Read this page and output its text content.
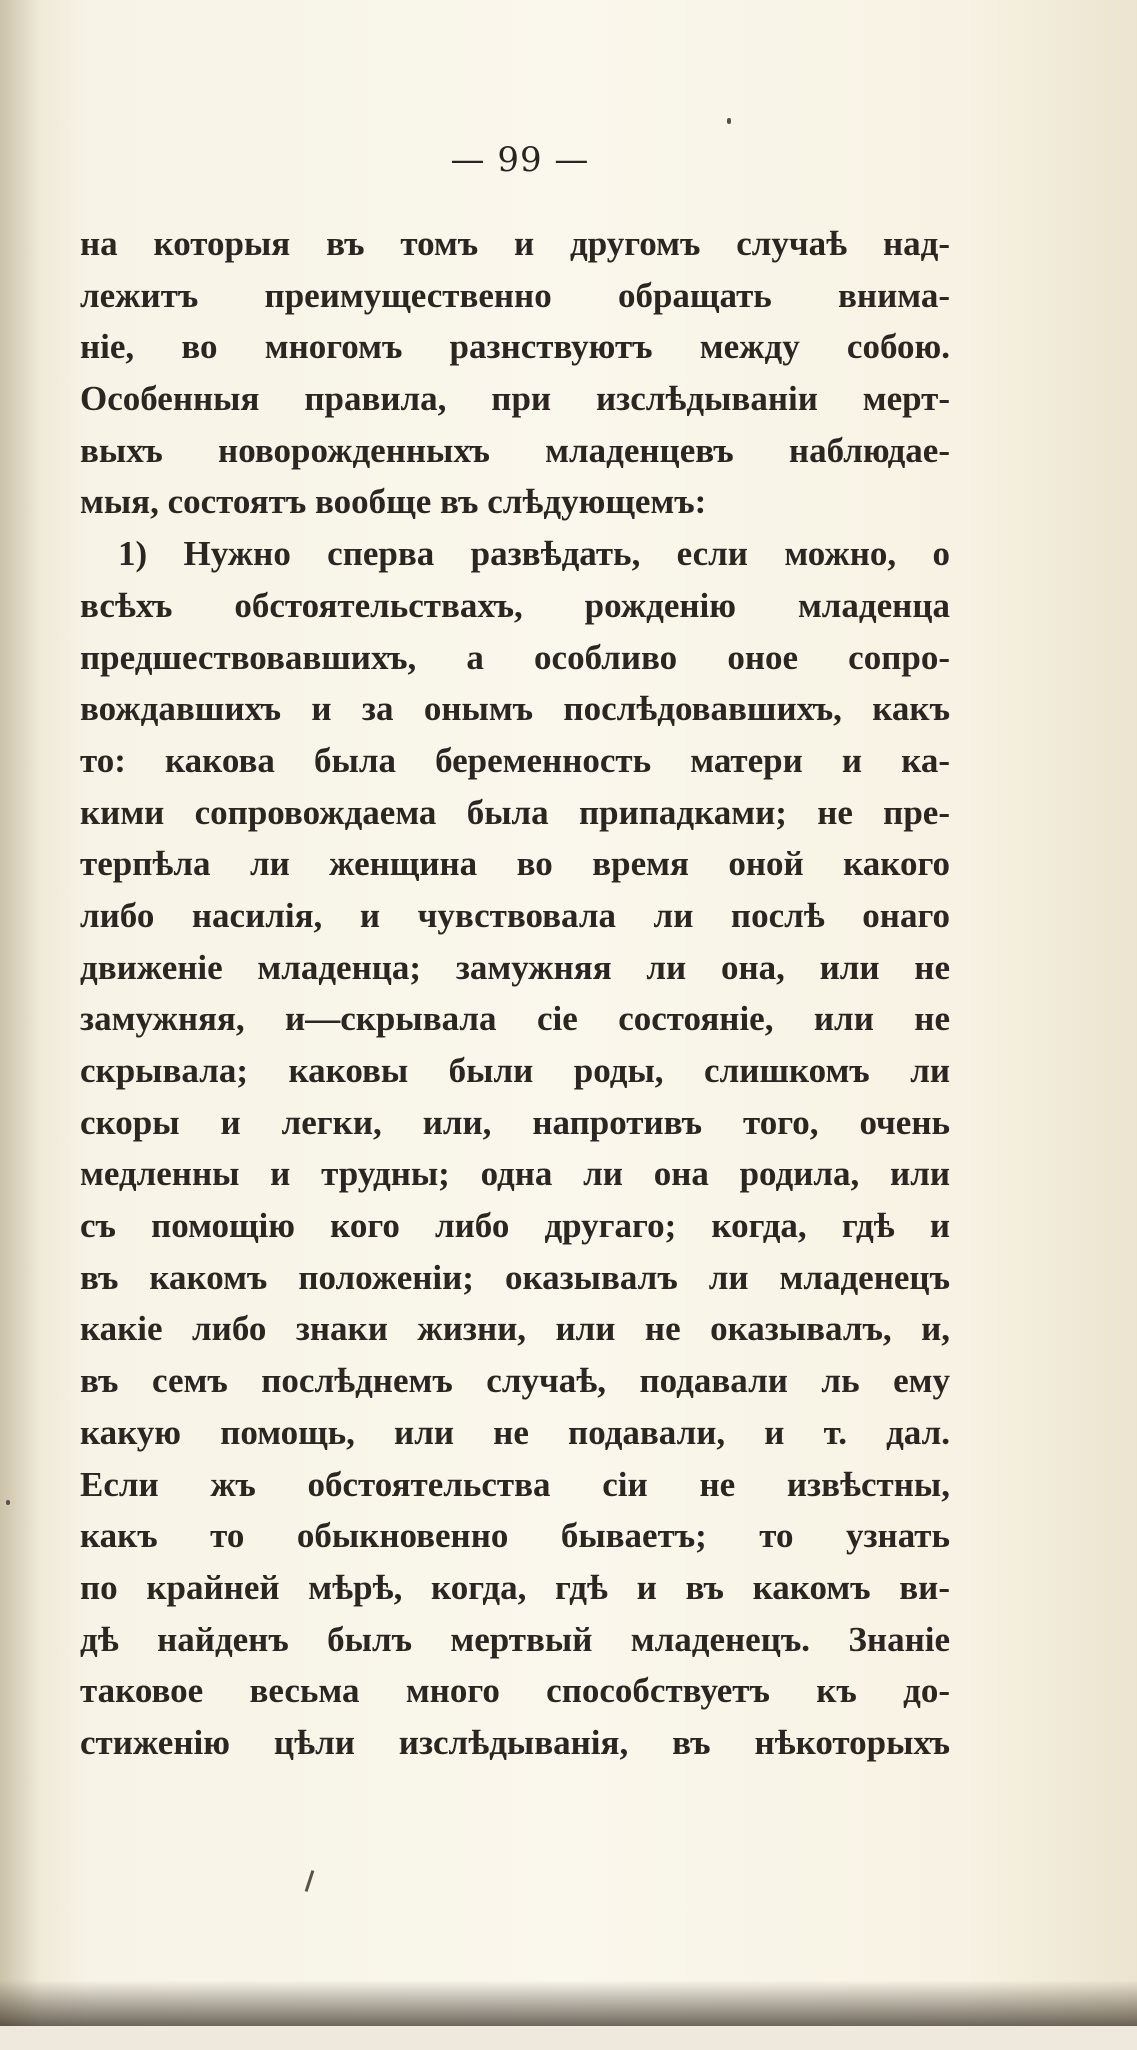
— 99 —
на которыя въ томъ и другомъ случаѣ над-
лежитъ преимущественно обращать внима-
ніе, во многомъ разнствуютъ между собою.
Особенныя правила, при изслѣдываніи мерт-
выхъ новорожденныхъ младенцевъ наблюдае-
мыя, состоятъ вообще въ слѣдующемъ:
1) Нужно сперва развѣдать, если можно, о
всѣхъ обстоятельствахъ, рожденію младенца
предшествовавшихъ, а особливо оное сопро-
вождавшихъ и за онымъ послѣдовавшихъ, какъ
то: какова была беременность матери и ка-
кими сопровождаема была припадками; не пре-
терпѣла ли женщина во время оной какого
либо насилія, и чувствовала ли послѣ онаго
движеніе младенца; замужняя ли она, или не
замужняя, и—скрывала сіе состояніе, или не
скрывала; каковы были роды, слишкомъ ли
скоры и легки, или, напротивъ того, очень
медленны и трудны; одна ли она родила, или
съ помощію кого либо другаго; когда, гдѣ и
въ какомъ положеніи; оказывалъ ли младенецъ
какіе либо знаки жизни, или не оказывалъ, и,
въ семъ послѣднемъ случаѣ, подавали ль ему
какую помощь, или не подавали, и т. дал.
Если жъ обстоятельства сіи не извѣстны,
какъ то обыкновенно бываетъ; то узнать
по крайней мѣрѣ, когда, гдѣ и въ какомъ ви-
дѣ найденъ былъ мертвый младенецъ. Знаніе
таковое весьма много способствуетъ къ до-
стиженію цѣли изслѣдыванія, въ нѣкоторыхъ
